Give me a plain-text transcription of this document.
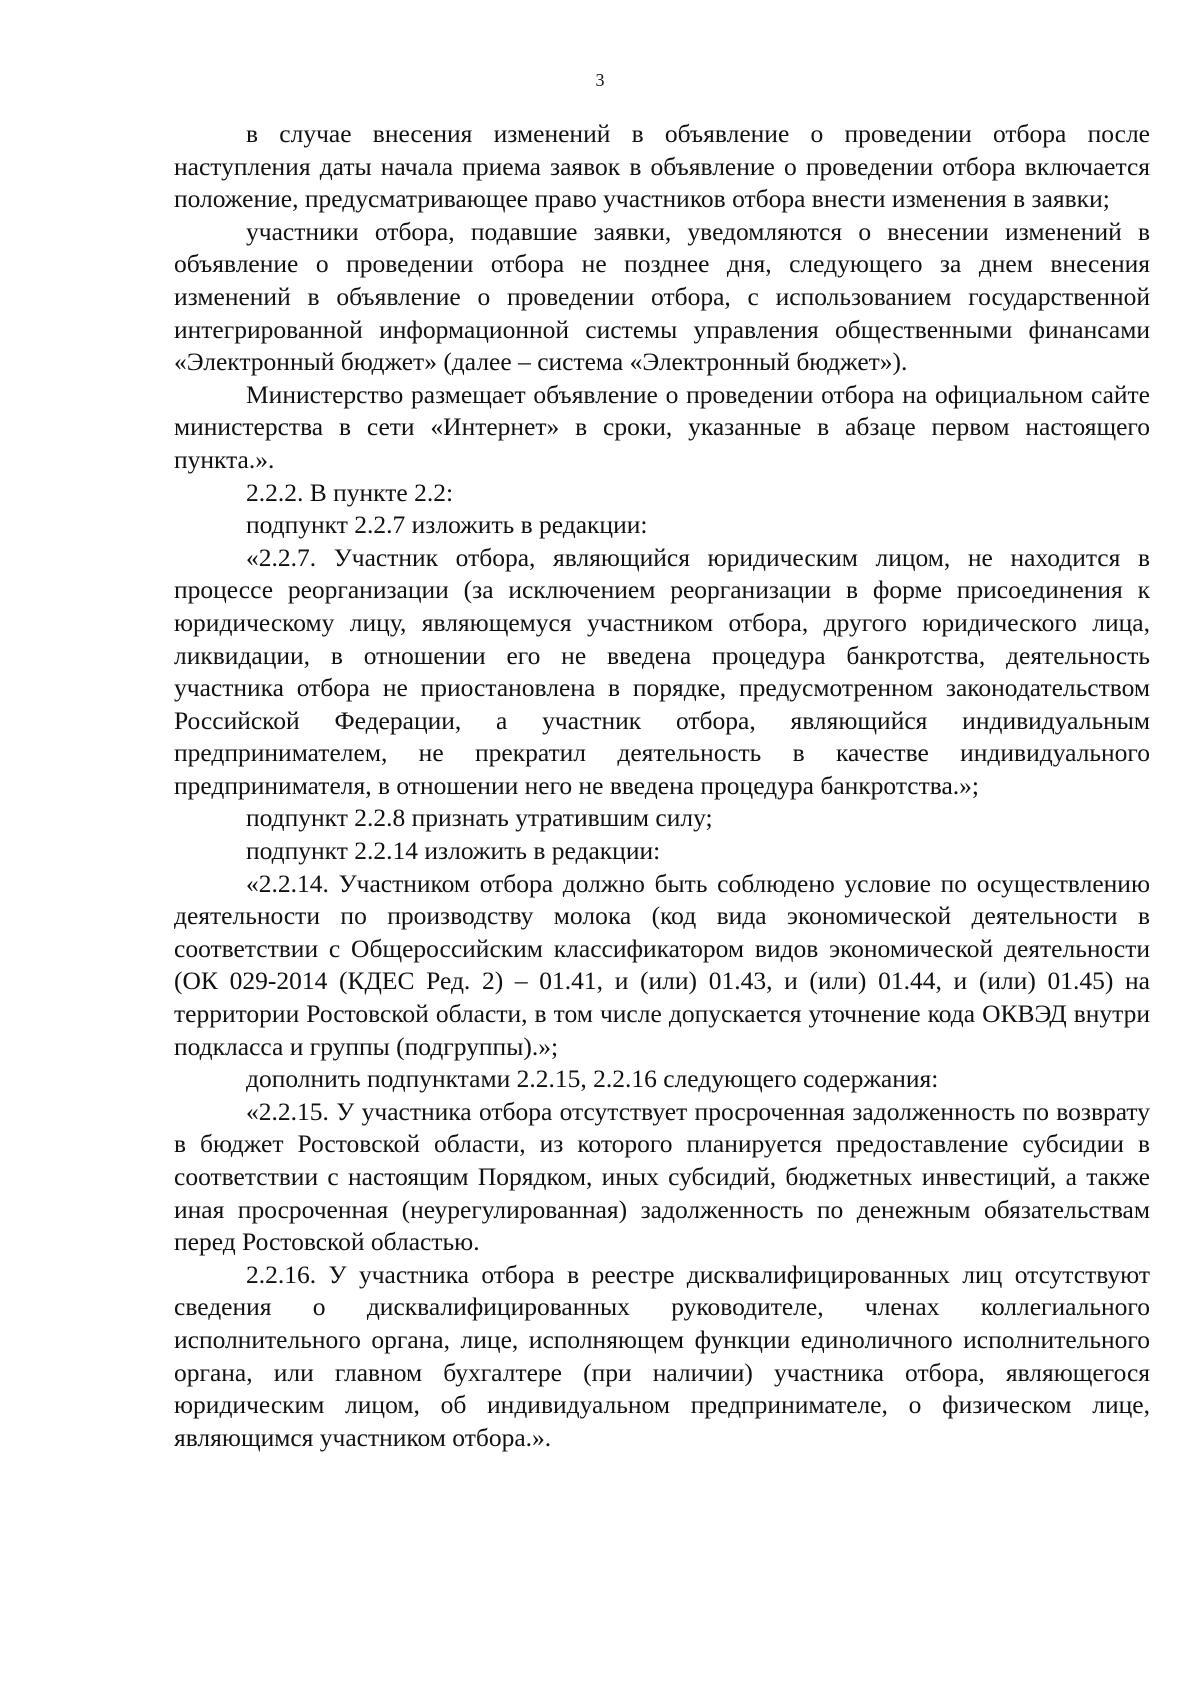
3

в случае внесения изменений в объявление о проведении отбора после наступления даты начала приема заявок в объявление о проведении отбора включается положение, предусматривающее право участников отбора внести изменения в заявки;

участники отбора, подавшие заявки, уведомляются о внесении изменений в объявление о проведении отбора не позднее дня, следующего за днем внесения изменений в объявление о проведении отбора, с использованием государственной интегрированной информационной системы управления общественными финансами «Электронный бюджет» (далее – система «Электронный бюджет»).

Министерство размещает объявление о проведении отбора на официальном сайте министерства в сети «Интернет» в сроки, указанные в абзаце первом настоящего пункта.».

2.2.2. В пункте 2.2:

подпункт 2.2.7 изложить в редакции:

«2.2.7. Участник отбора, являющийся юридическим лицом, не находится в процессе реорганизации (за исключением реорганизации в форме присоединения к юридическому лицу, являющемуся участником отбора, другого юридического лица, ликвидации, в отношении его не введена процедура банкротства, деятельность участника отбора не приостановлена в порядке, предусмотренном законодательством Российской Федерации, а участник отбора, являющийся индивидуальным предпринимателем, не прекратил деятельность в качестве индивидуального предпринимателя, в отношении него не введена процедура банкротства.»;

подпункт 2.2.8 признать утратившим силу;

подпункт 2.2.14 изложить в редакции:

«2.2.14. Участником отбора должно быть соблюдено условие по осуществлению деятельности по производству молока (код вида экономической деятельности в соответствии с Общероссийским классификатором видов экономической деятельности (ОК 029-2014 (КДЕС Ред. 2) – 01.41, и (или) 01.43, и (или) 01.44, и (или) 01.45) на территории Ростовской области, в том числе допускается уточнение кода ОКВЭД внутри подкласса и группы (подгруппы).»;

дополнить подпунктами 2.2.15, 2.2.16 следующего содержания:

«2.2.15. У участника отбора отсутствует просроченная задолженность по возврату в бюджет Ростовской области, из которого планируется предоставление субсидии в соответствии с настоящим Порядком, иных субсидий, бюджетных инвестиций, а также иная просроченная (неурегулированная) задолженность по денежным обязательствам перед Ростовской областью.

2.2.16. У участника отбора в реестре дисквалифицированных лиц отсутствуют сведения о дисквалифицированных руководителе, членах коллегиального исполнительного органа, лице, исполняющем функции единоличного исполнительного органа, или главном бухгалтере (при наличии) участника отбора, являющегося юридическим лицом, об индивидуальном предпринимателе, о физическом лице, являющимся участником отбора.».
